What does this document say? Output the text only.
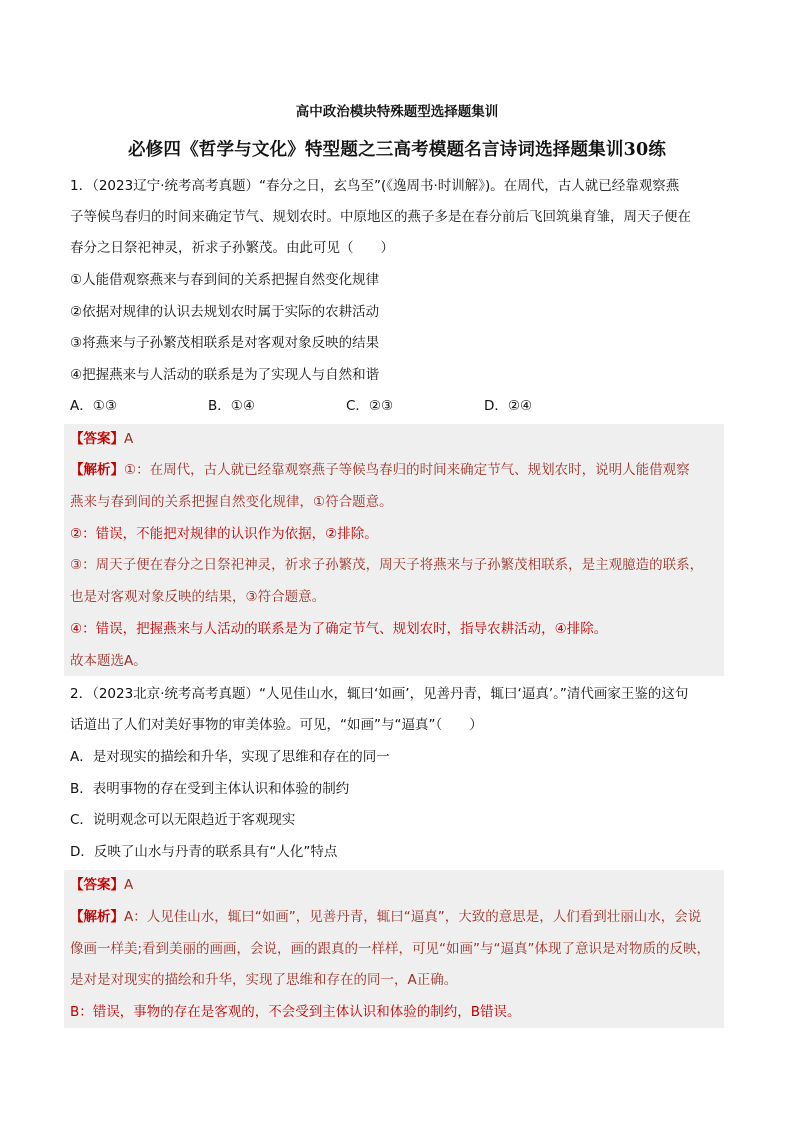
高中政治模块特殊题型选择题集训
必修四《哲学与文化》特型题之三高考模题名言诗词选择题集训30练
1．（2023辽宁·统考高考真题）“春分之日，玄鸟至”(《逸周书·时训解》)。在周代，古人就已经靠观察燕
子等候鸟春归的时间来确定节气、规划农时。中原地区的燕子多是在春分前后飞回筑巢育雏，周天子便在
春分之日祭祀神灵，祈求子孙繁茂。由此可见（　　）
①人能借观察燕来与春到间的关系把握自然变化规律
②依据对规律的认识去规划农时属于实际的农耕活动
③将燕来与子孙繁茂相联系是对客观对象反映的结果
④把握燕来与人活动的联系是为了实现人与自然和谐
A．①③	B．①④	C．②③	D．②④
【答案】A
【解析】①：在周代，古人就已经靠观察燕子等候鸟春归的时间来确定节气、规划农时，说明人能借观察
燕来与春到间的关系把握自然变化规律，①符合题意。
②：错误，不能把对规律的认识作为依据，②排除。
③：周天子便在春分之日祭祀神灵，祈求子孙繁茂，周天子将燕来与子孙繁茂相联系，是主观臆造的联系，
也是对客观对象反映的结果，③符合题意。
④：错误，把握燕来与人活动的联系是为了确定节气、规划农时，指导农耕活动，④排除。
故本题选A。
2．（2023北京·统考高考真题）“人见佳山水，辄曰‘如画’，见善丹青，辄曰‘逼真’。”清代画家王鉴的这句
话道出了人们对美好事物的审美体验。可见，“如画”与“逼真”（　　）
A．是对现实的描绘和升华，实现了思维和存在的同一
B．表明事物的存在受到主体认识和体验的制约
C．说明观念可以无限趋近于客观现实
D．反映了山水与丹青的联系具有“人化”特点
【答案】A
【解析】A：人见佳山水，辄曰“如画”，见善丹青，辄曰“逼真”，大致的意思是，人们看到壮丽山水，会说
像画一样美;看到美丽的画画，会说，画的跟真的一样样，可见“如画”与“逼真”体现了意识是对物质的反映，
是对是对现实的描绘和升华，实现了思维和存在的同一，A正确。
B：错误，事物的存在是客观的，不会受到主体认识和体验的制约，B错误。
